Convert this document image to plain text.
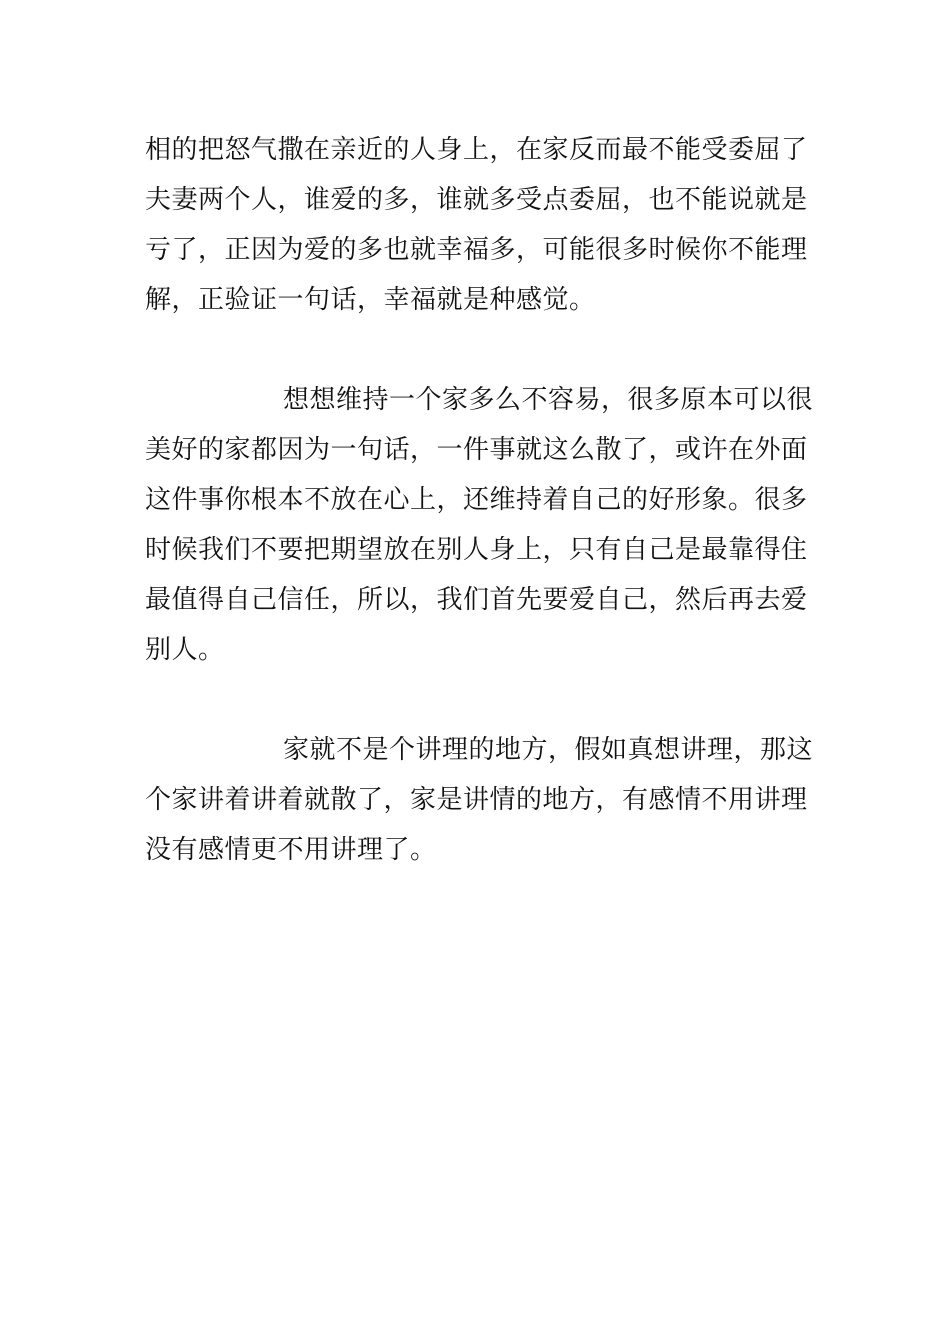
相的把怒气撒在亲近的人身上，在家反而最不能受委屈了

夫妻两个人，谁爱的多，谁就多受点委屈，也不能说就是

亏了，正因为爱的多也就幸福多，可能很多时候你不能理

解，正验证一句话，幸福就是种感觉。

想想维持一个家多么不容易，很多原本可以很

美好的家都因为一句话，一件事就这么散了，或许在外面

这件事你根本不放在心上，还维持着自己的好形象。很多

时候我们不要把期望放在别人身上，只有自己是最靠得住

最值得自己信任，所以，我们首先要爱自己，然后再去爱

别人。

家就不是个讲理的地方，假如真想讲理，那这

个家讲着讲着就散了，家是讲情的地方，有感情不用讲理

没有感情更不用讲理了。
